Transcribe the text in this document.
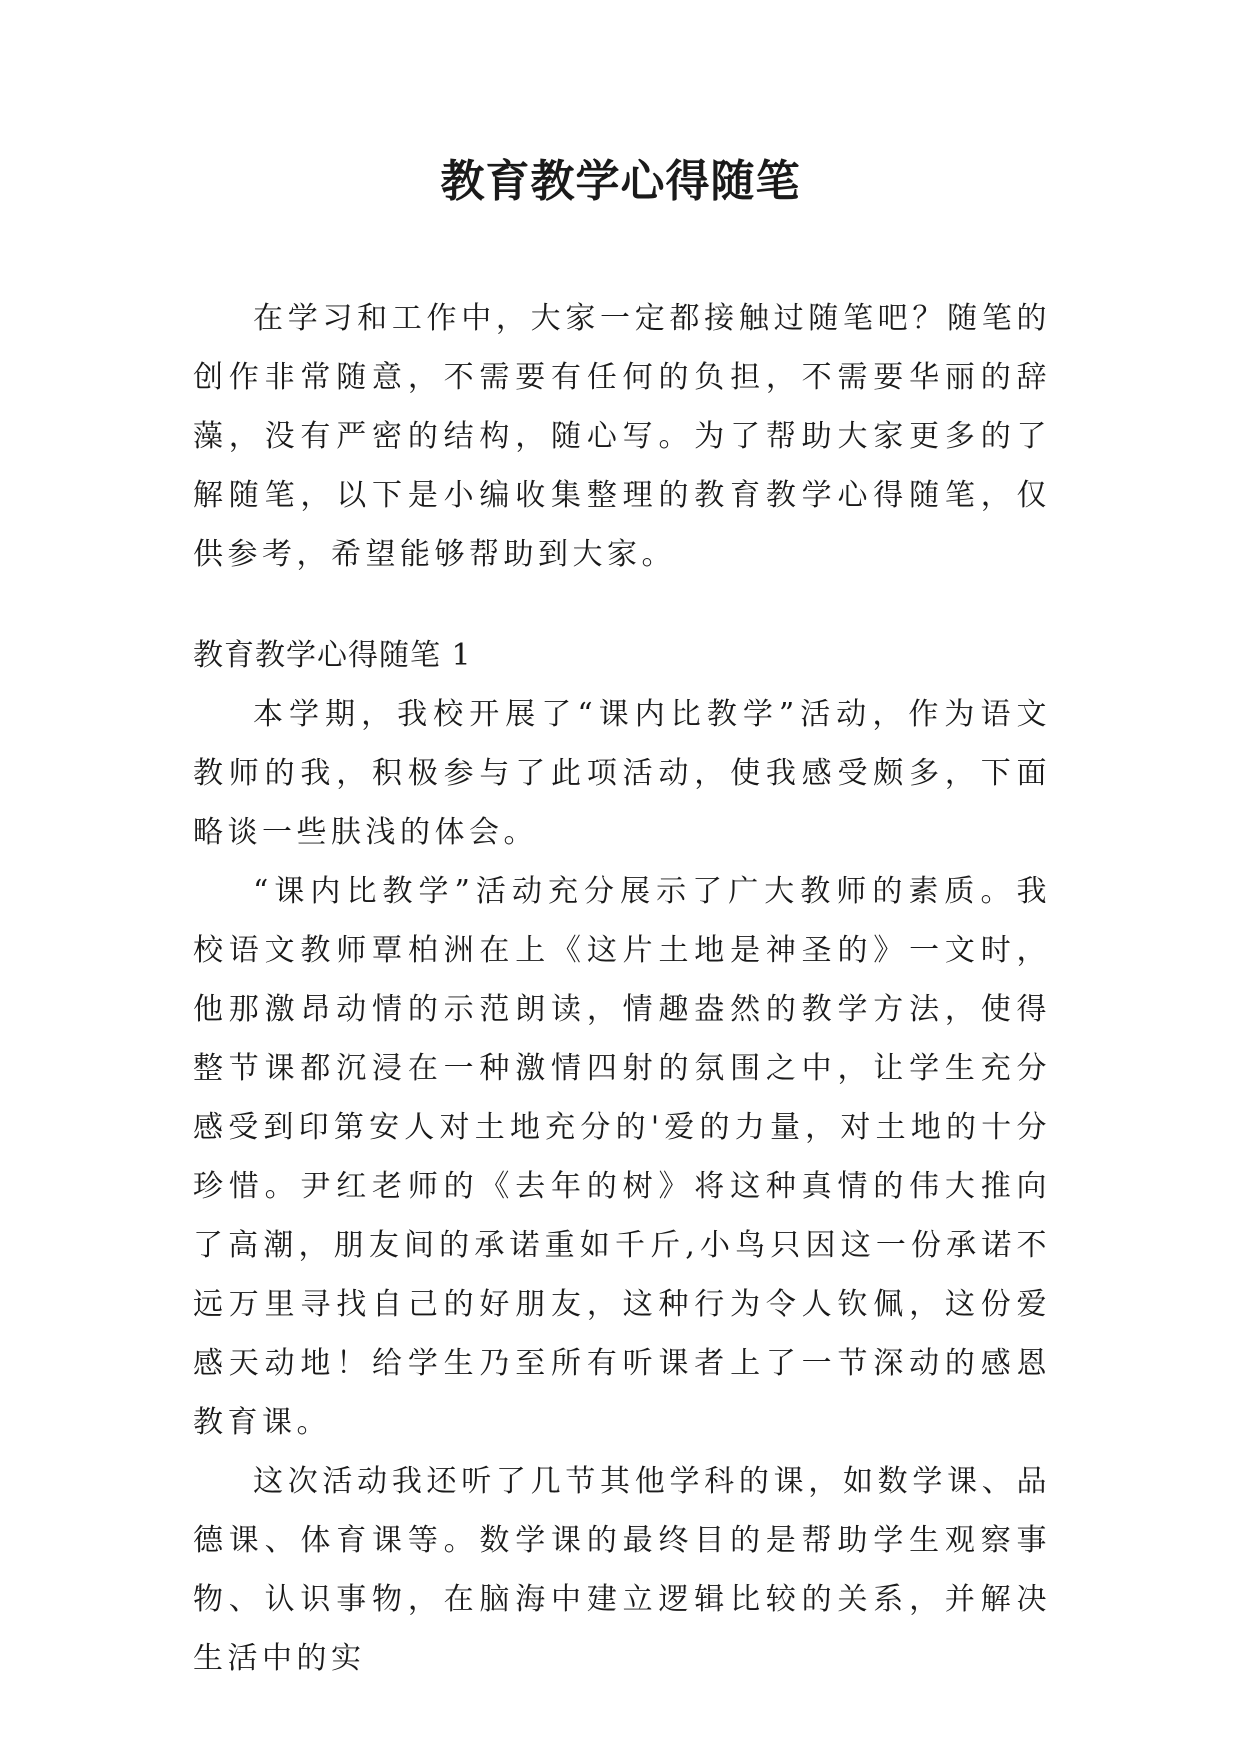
教育教学心得随笔

在学习和工作中，大家一定都接触过随笔吧？随笔的创作非常随意，不需要有任何的负担，不需要华丽的辞藻，没有严密的结构，随心写。为了帮助大家更多的了解随笔，以下是小编收集整理的教育教学心得随笔，仅供参考，希望能够帮助到大家。

教育教学心得随笔 1

本学期，我校开展了“课内比教学”活动，作为语文教师的我，积极参与了此项活动，使我感受颇多，下面略谈一些肤浅的体会。

“课内比教学”活动充分展示了广大教师的素质。我校语文教师覃柏洲在上《这片土地是神圣的》一文时，他那激昂动情的示范朗读，情趣盎然的教学方法，使得整节课都沉浸在一种激情四射的氛围之中，让学生充分感受到印第安人对土地充分的'爱的力量，对土地的十分珍惜。尹红老师的《去年的树》将这种真情的伟大推向了高潮，朋友间的承诺重如千斤,小鸟只因这一份承诺不远万里寻找自己的好朋友，这种行为令人钦佩，这份爱感天动地！给学生乃至所有听课者上了一节深动的感恩教育课。

这次活动我还听了几节其他学科的课，如数学课、品德课、体育课等。数学课的最终目的是帮助学生观察事物、认识事物，在脑海中建立逻辑比较的关系，并解决生活中的实
